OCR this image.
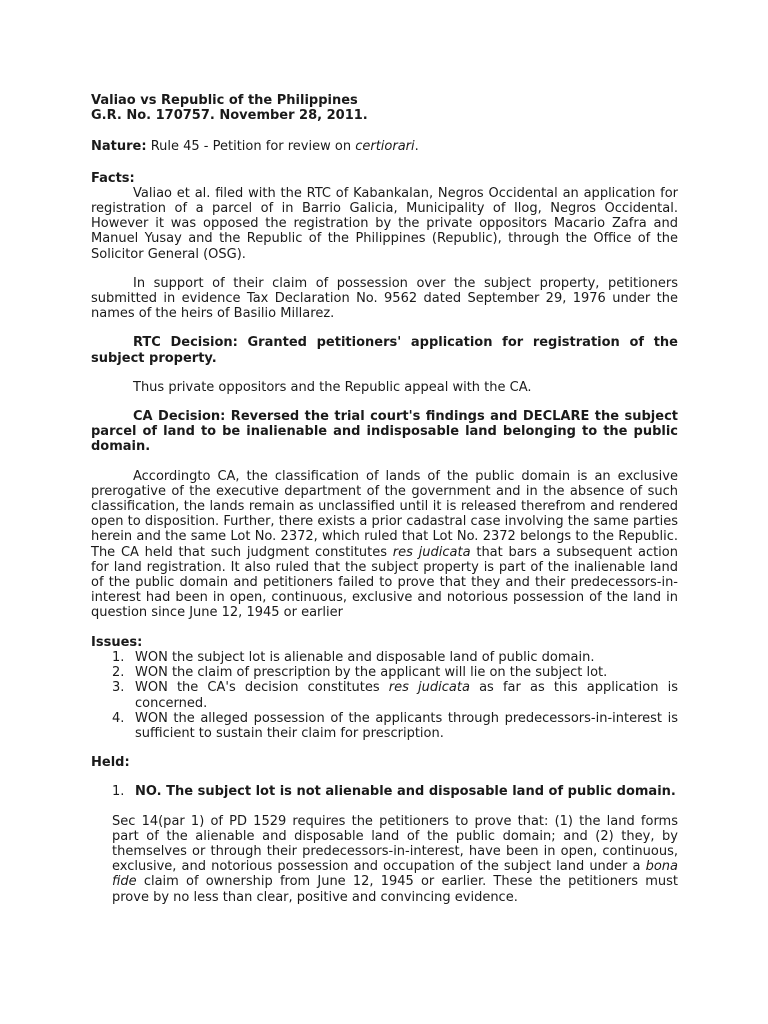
Valiao vs Republic of the Philippines
G.R. No. 170757. November 28, 2011.
Nature: Rule 45 - Petition for review on certiorari.
Facts:

Valiao et al. filed with the RTC of Kabankalan, Negros Occidental an application for registration of a parcel of in Barrio Galicia, Municipality of Ilog, Negros Occidental. However it was opposed the registration by the private oppositors Macario Zafra and Manuel Yusay and the Republic of the Philippines (Republic), through the Office of the Solicitor General (OSG).

In support of their claim of possession over the subject property, petitioners submitted in evidence Tax Declaration No. 9562 dated September 29, 1976 under the names of the heirs of Basilio Millarez.

RTC Decision: Granted petitioners' application for registration of the subject property.

Thus private oppositors and the Republic appeal with the CA.

CA Decision: Reversed the trial court's findings and DECLARE the subject parcel of land to be inalienable and indisposable land belonging to the public domain.

Accordingto CA, the classification of lands of the public domain is an exclusive prerogative of the executive department of the government and in the absence of such classification, the lands remain as unclassified until it is released therefrom and rendered open to disposition. Further, there exists a prior cadastral case involving the same parties herein and the same Lot No. 2372, which ruled that Lot No. 2372 belongs to the Republic. The CA held that such judgment constitutes res judicata that bars a subsequent action for land registration. It also ruled that the subject property is part of the inalienable land of the public domain and petitioners failed to prove that they and their predecessors-in-interest had been in open, continuous, exclusive and notorious possession of the land in question since June 12, 1945 or earlier

Issues:
1. WON the subject lot is alienable and disposable land of public domain.
2. WON the claim of prescription by the applicant will lie on the subject lot.
3. WON the CA's decision constitutes res judicata as far as this application is concerned.
4. WON the alleged possession of the applicants through predecessors-in-interest is sufficient to sustain their claim for prescription.
Held:
1. NO. The subject lot is not alienable and disposable land of public domain.
Sec 14(par 1) of PD 1529 requires the petitioners to prove that: (1) the land forms part of the alienable and disposable land of the public domain; and (2) they, by themselves or through their predecessors-in-interest, have been in open, continuous, exclusive, and notorious possession and occupation of the subject land under a bona fide claim of ownership from June 12, 1945 or earlier. These the petitioners must prove by no less than clear, positive and convincing evidence.
